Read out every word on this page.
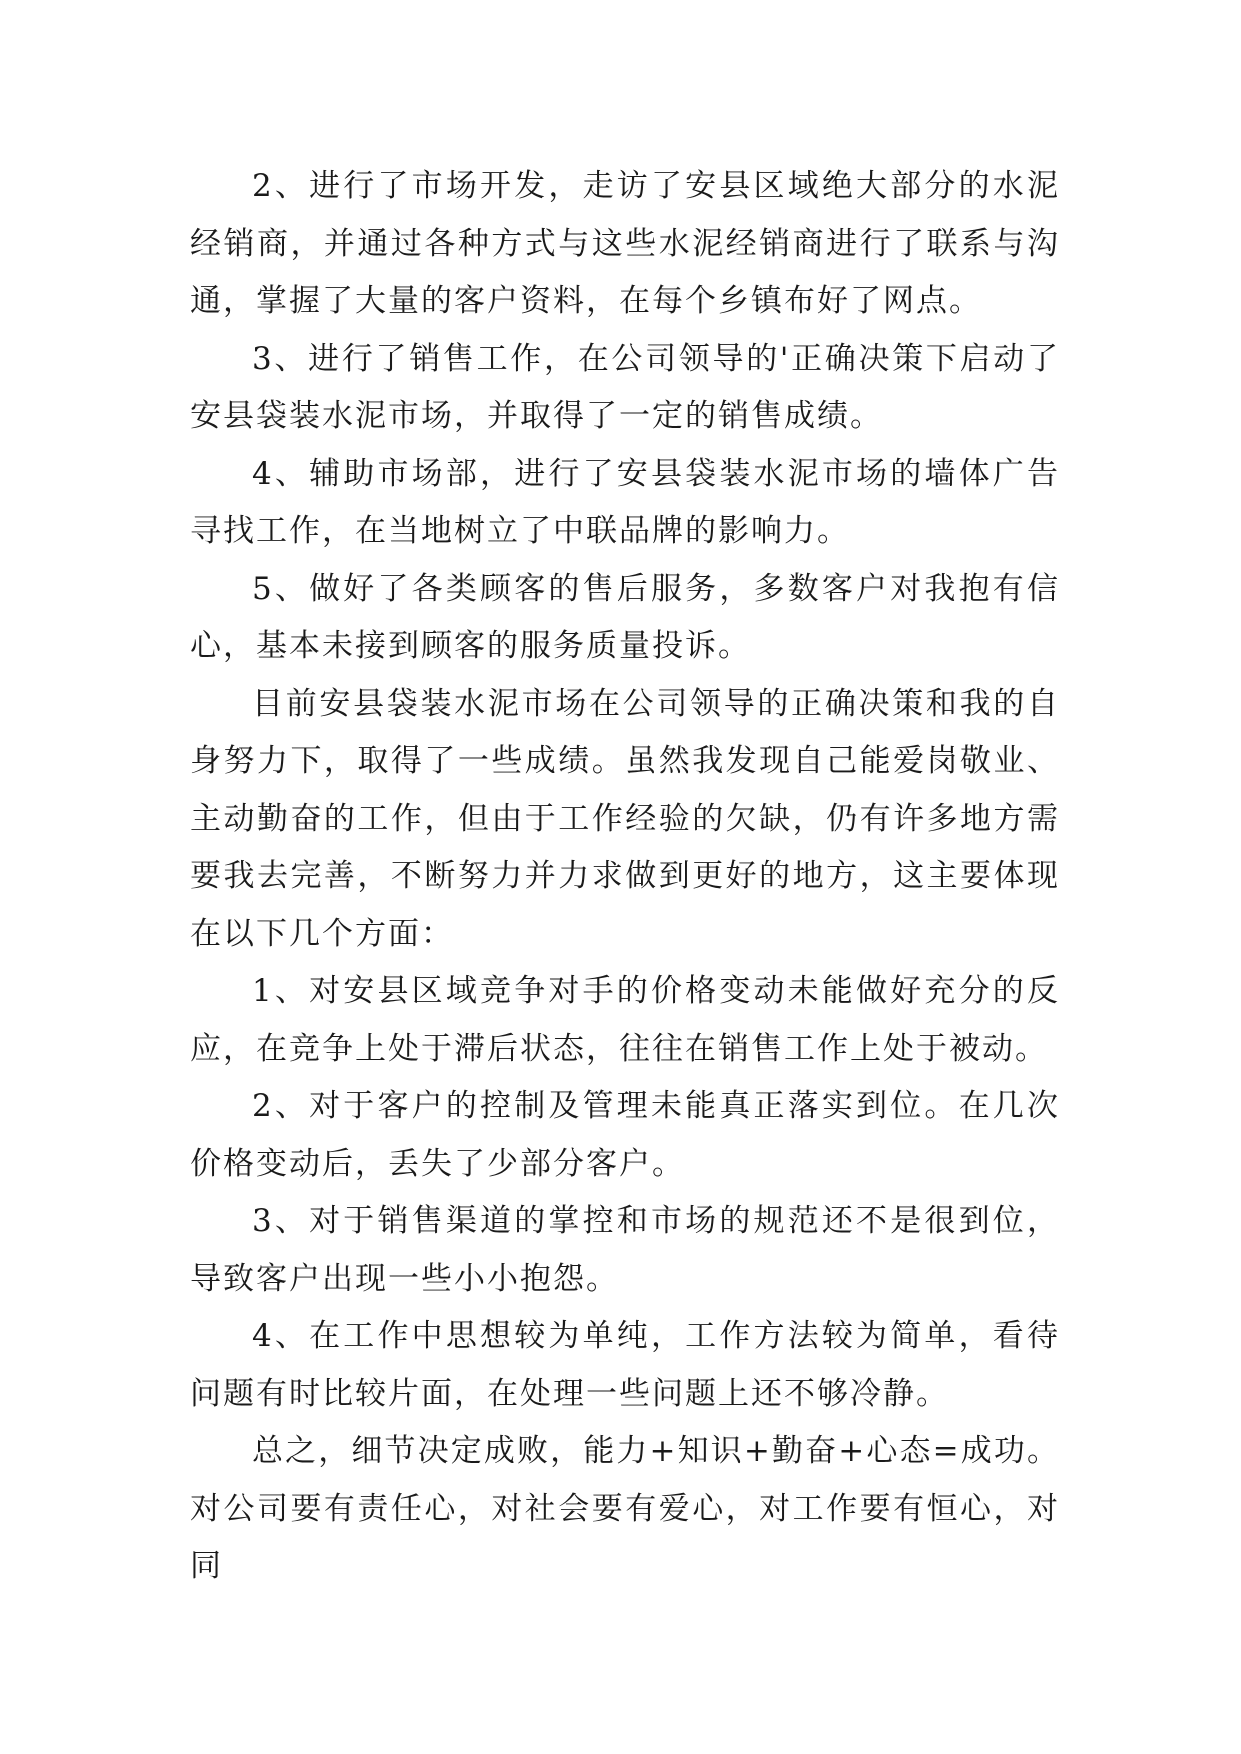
2、进行了市场开发，走访了安县区域绝大部分的水泥经销商，并通过各种方式与这些水泥经销商进行了联系与沟通，掌握了大量的客户资料，在每个乡镇布好了网点。

3、进行了销售工作，在公司领导的'正确决策下启动了安县袋装水泥市场，并取得了一定的销售成绩。

4、辅助市场部，进行了安县袋装水泥市场的墙体广告寻找工作，在当地树立了中联品牌的影响力。

5、做好了各类顾客的售后服务，多数客户对我抱有信心，基本未接到顾客的服务质量投诉。

目前安县袋装水泥市场在公司领导的正确决策和我的自身努力下，取得了一些成绩。虽然我发现自己能爱岗敬业、主动勤奋的工作，但由于工作经验的欠缺，仍有许多地方需要我去完善，不断努力并力求做到更好的地方，这主要体现在以下几个方面：

1、对安县区域竞争对手的价格变动未能做好充分的反应，在竞争上处于滞后状态，往往在销售工作上处于被动。

2、对于客户的控制及管理未能真正落实到位。在几次价格变动后，丢失了少部分客户。

3、对于销售渠道的掌控和市场的规范还不是很到位，导致客户出现一些小小抱怨。

4、在工作中思想较为单纯，工作方法较为简单，看待问题有时比较片面，在处理一些问题上还不够冷静。

总之，细节决定成败，能力+知识+勤奋+心态=成功。对公司要有责任心，对社会要有爱心，对工作要有恒心，对同
